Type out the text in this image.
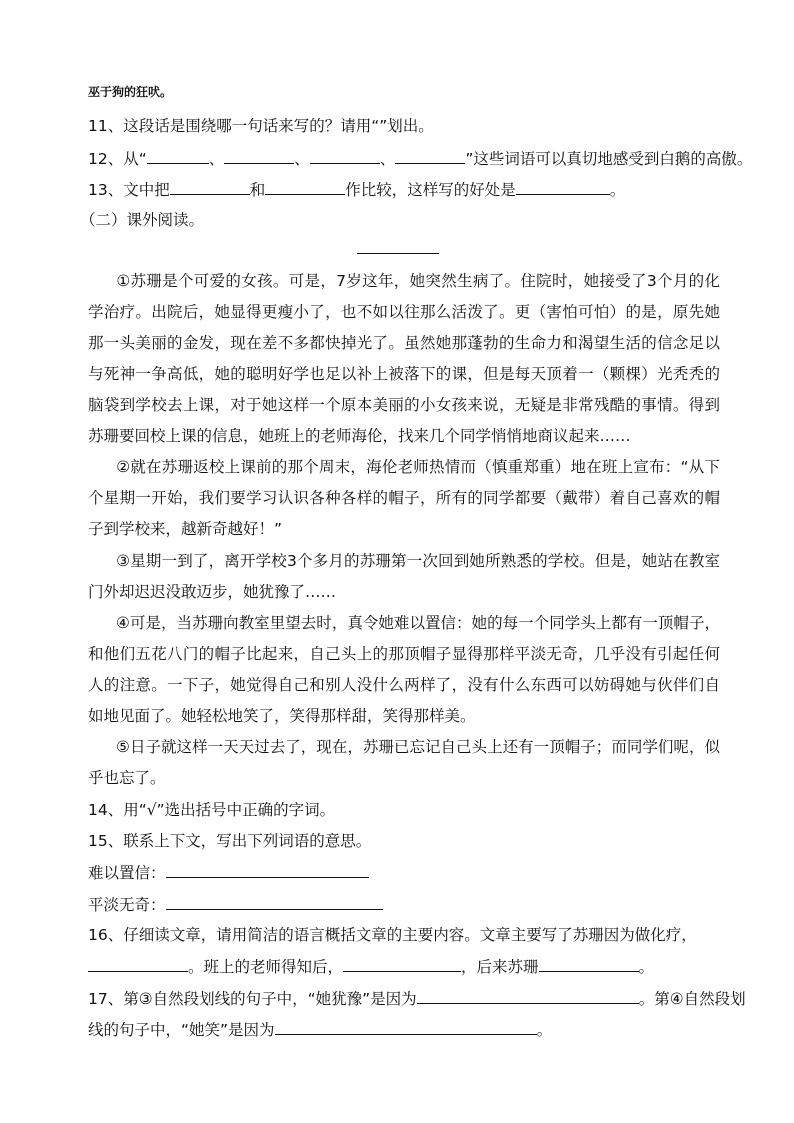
巫于狗的狂吠。
11、这段话是围绕哪一句话来写的？请用“”划出。
12、从“	、	、	、	”这些词语可以真切地感受到白鹅的高傲。
13、文中把	和	作比较，这样写的好处是	。
（二）课外阅读。
①苏珊是个可爱的女孩。可是，7岁这年，她突然生病了。住院时，她接受了3个月的化学治疗。出院后，她显得更瘦小了，也不如以往那么活泼了。更（害怕可怕）的是，原先她那一头美丽的金发，现在差不多都快掉光了。虽然她那蓬勃的生命力和渴望生活的信念足以与死神一争高低，她的聪明好学也足以补上被落下的课，但是每天顶着一（颗棵）光秃秃的脑袋到学校去上课，对于她这样一个原本美丽的小女孩来说，无疑是非常残酷的事情。得到苏珊要回校上课的信息，她班上的老师海伦，找来几个同学悄悄地商议起来……
②就在苏珊返校上课前的那个周末，海伦老师热情而（慎重郑重）地在班上宣布：“从下个星期一开始，我们要学习认识各种各样的帽子，所有的同学都要（戴带）着自己喜欢的帽子到学校来，越新奇越好！”
③星期一到了，离开学校3个多月的苏珊第一次回到她所熟悉的学校。但是，她站在教室门外却迟迟没敢迈步，她犹豫了……
④可是，当苏珊向教室里望去时，真令她难以置信：她的每一个同学头上都有一顶帽子，和他们五花八门的帽子比起来，自己头上的那顶帽子显得那样平淡无奇，几乎没有引起任何人的注意。一下子，她觉得自己和别人没什么两样了，没有什么东西可以妨碍她与伙伴们自如地见面了。她轻松地笑了，笑得那样甜，笑得那样美。
⑤日子就这样一天天过去了，现在，苏珊已忘记自己头上还有一顶帽子；而同学们呢，似乎也忘了。
14、用“√”选出括号中正确的字词。
15、联系上下文，写出下列词语的意思。
难以置信：
平淡无奇：
16、仔细读文章，请用简洁的语言概括文章的主要内容。文章主要写了苏珊因为做化疗，
。班上的老师得知后，	，后来苏珊	。
17、第③自然段划线的句子中，“她犹豫”是因为	。第④自然段划
线的句子中，“她笑”是因为	。
